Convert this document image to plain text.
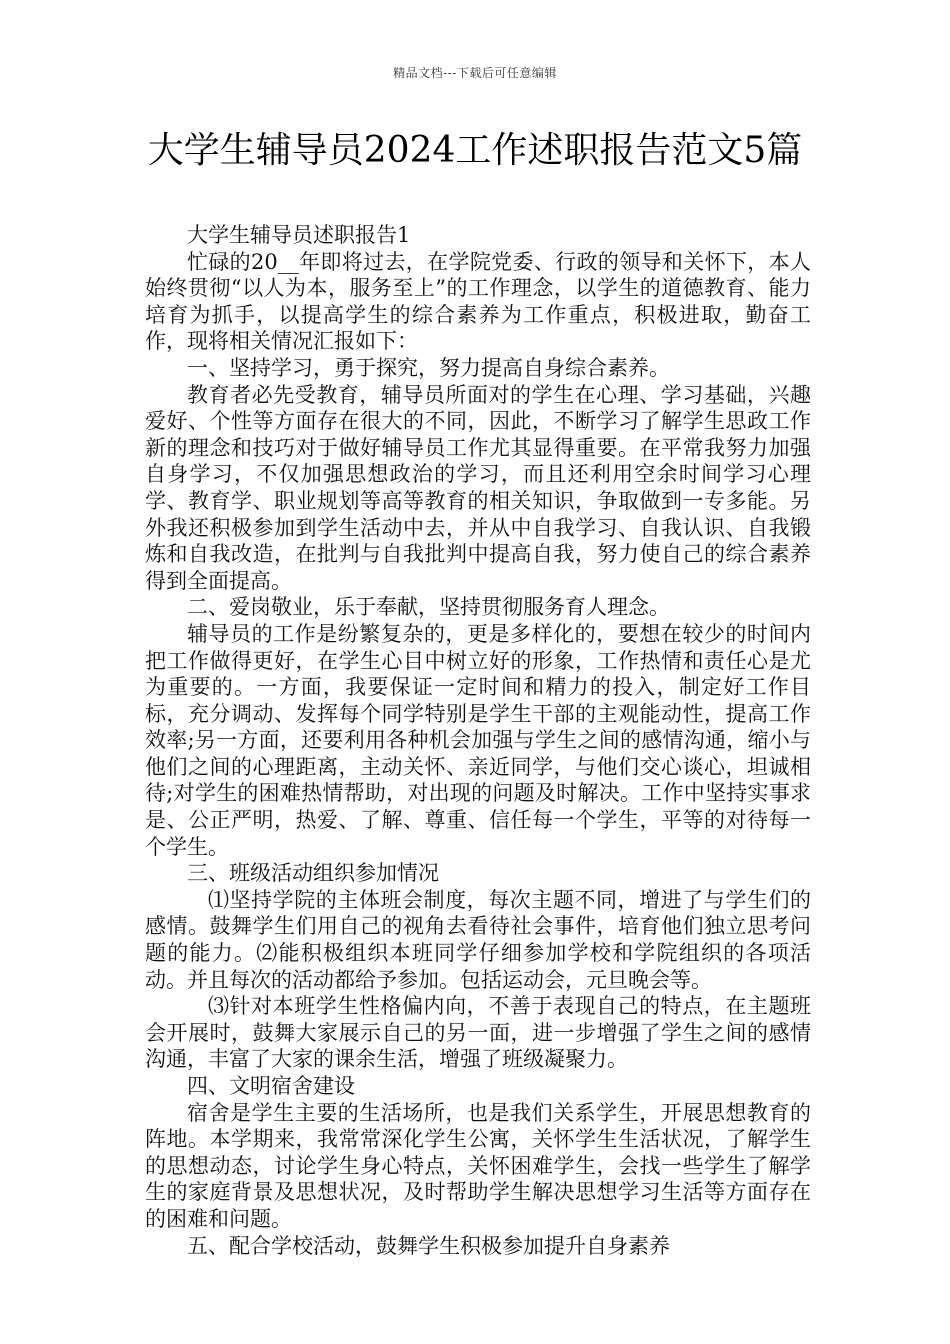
精品文档---下载后可任意编辑
大学生辅导员2024工作述职报告范文5篇

大学生辅导员述职报告1

忙碌的20__年即将过去，在学院党委、行政的领导和关怀下，本人始终贯彻“以人为本，服务至上”的工作理念，以学生的道德教育、能力培育为抓手，以提高学生的综合素养为工作重点，积极进取，勤奋工作，现将相关情况汇报如下：

一、坚持学习，勇于探究，努力提高自身综合素养。

教育者必先受教育，辅导员所面对的学生在心理、学习基础，兴趣爱好、个性等方面存在很大的不同，因此，不断学习了解学生思政工作新的理念和技巧对于做好辅导员工作尤其显得重要。在平常我努力加强自身学习，不仅加强思想政治的学习，而且还利用空余时间学习心理学、教育学、职业规划等高等教育的相关知识，争取做到一专多能。另外我还积极参加到学生活动中去，并从中自我学习、自我认识、自我锻炼和自我改造，在批判与自我批判中提高自我，努力使自己的综合素养得到全面提高。

二、爱岗敬业，乐于奉献，坚持贯彻服务育人理念。

辅导员的工作是纷繁复杂的，更是多样化的，要想在较少的时间内把工作做得更好，在学生心目中树立好的形象，工作热情和责任心是尤为重要的。一方面，我要保证一定时间和精力的投入，制定好工作目标，充分调动、发挥每个同学特别是学生干部的主观能动性，提高工作效率;另一方面，还要利用各种机会加强与学生之间的感情沟通，缩小与他们之间的心理距离，主动关怀、亲近同学，与他们交心谈心，坦诚相待;对学生的困难热情帮助，对出现的问题及时解决。工作中坚持实事求是、公正严明，热爱、了解、尊重、信任每一个学生，平等的对待每一个学生。

三、班级活动组织参加情况

⑴坚持学院的主体班会制度，每次主题不同，增进了与学生们的感情。鼓舞学生们用自己的视角去看待社会事件，培育他们独立思考问题的能力。⑵能积极组织本班同学仔细参加学校和学院组织的各项活动。并且每次的活动都给予参加。包括运动会，元旦晚会等。

⑶针对本班学生性格偏内向，不善于表现自己的特点，在主题班会开展时，鼓舞大家展示自己的另一面，进一步增强了学生之间的感情沟通，丰富了大家的课余生活，增强了班级凝聚力。

四、文明宿舍建设

宿舍是学生主要的生活场所，也是我们关系学生，开展思想教育的阵地。本学期来，我常常深化学生公寓，关怀学生生活状况，了解学生的思想动态，讨论学生身心特点，关怀困难学生，会找一些学生了解学生的家庭背景及思想状况，及时帮助学生解决思想学习生活等方面存在的困难和问题。

五、配合学校活动，鼓舞学生积极参加提升自身素养
